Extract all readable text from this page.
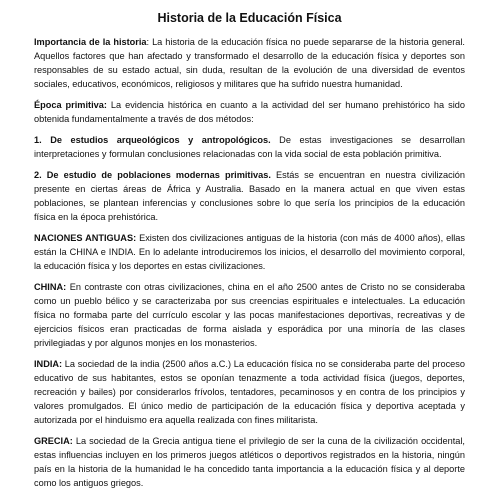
Historia de la Educación Física

Importancia de la historia: La historia de la educación física no puede separarse de la historia general. Aquellos factores que han afectado y transformado el desarrollo de la educación física y deportes son responsables de su estado actual, sin duda, resultan de la evolución de una diversidad de eventos sociales, educativos, económicos, religiosos y militares que ha sufrido nuestra humanidad.

Época primitiva: La evidencia histórica en cuanto a la actividad del ser humano prehistórico ha sido obtenida fundamentalmente a través de dos métodos:

1. De estudios arqueológicos y antropológicos. De estas investigaciones se desarrollan interpretaciones y formulan conclusiones relacionadas con la vida social de esta población primitiva.

2. De estudio de poblaciones modernas primitivas. Estás se encuentran en nuestra civilización presente en ciertas áreas de África y Australia. Basado en la manera actual en que viven estas poblaciones, se plantean inferencias y conclusiones sobre lo que sería los principios de la educación física en la época prehistórica.

NACIONES ANTIGUAS: Existen dos civilizaciones antiguas de la historia (con más de 4000 años), ellas están la CHINA e INDIA. En lo adelante introduciremos los inicios, el desarrollo del movimiento corporal, la educación física y los deportes en estas civilizaciones.

CHINA: En contraste con otras civilizaciones, china en el año 2500 antes de Cristo no se consideraba como un pueblo bélico y se caracterizaba por sus creencias espirituales e intelectuales. La educación física no formaba parte del currículo escolar y las pocas manifestaciones deportivas, recreativas y de ejercicios físicos eran practicadas de forma aislada y esporádica por una minoría de las clases privilegiadas y por algunos monjes en los monasterios.

INDIA: La sociedad de la india (2500 años a.C.) La educación física no se consideraba parte del proceso educativo de sus habitantes, estos se oponían tenazmente a toda actividad física (juegos, deportes, recreación y bailes) por considerarlos frívolos, tentadores, pecaminosos y en contra de los principios y valores promulgados. El único medio de participación de la educación física y deportiva aceptada y autorizada por el hinduismo era aquella realizada con fines militarista.

GRECIA: La sociedad de la Grecia antigua tiene el privilegio de ser la cuna de la civilización occidental, estas influencias incluyen en los primeros juegos atléticos o deportivos registrados en la historia, ningún país en la historia de la humanidad le ha concedido tanta importancia a la educación física y al deporte como los antiguos griegos.
